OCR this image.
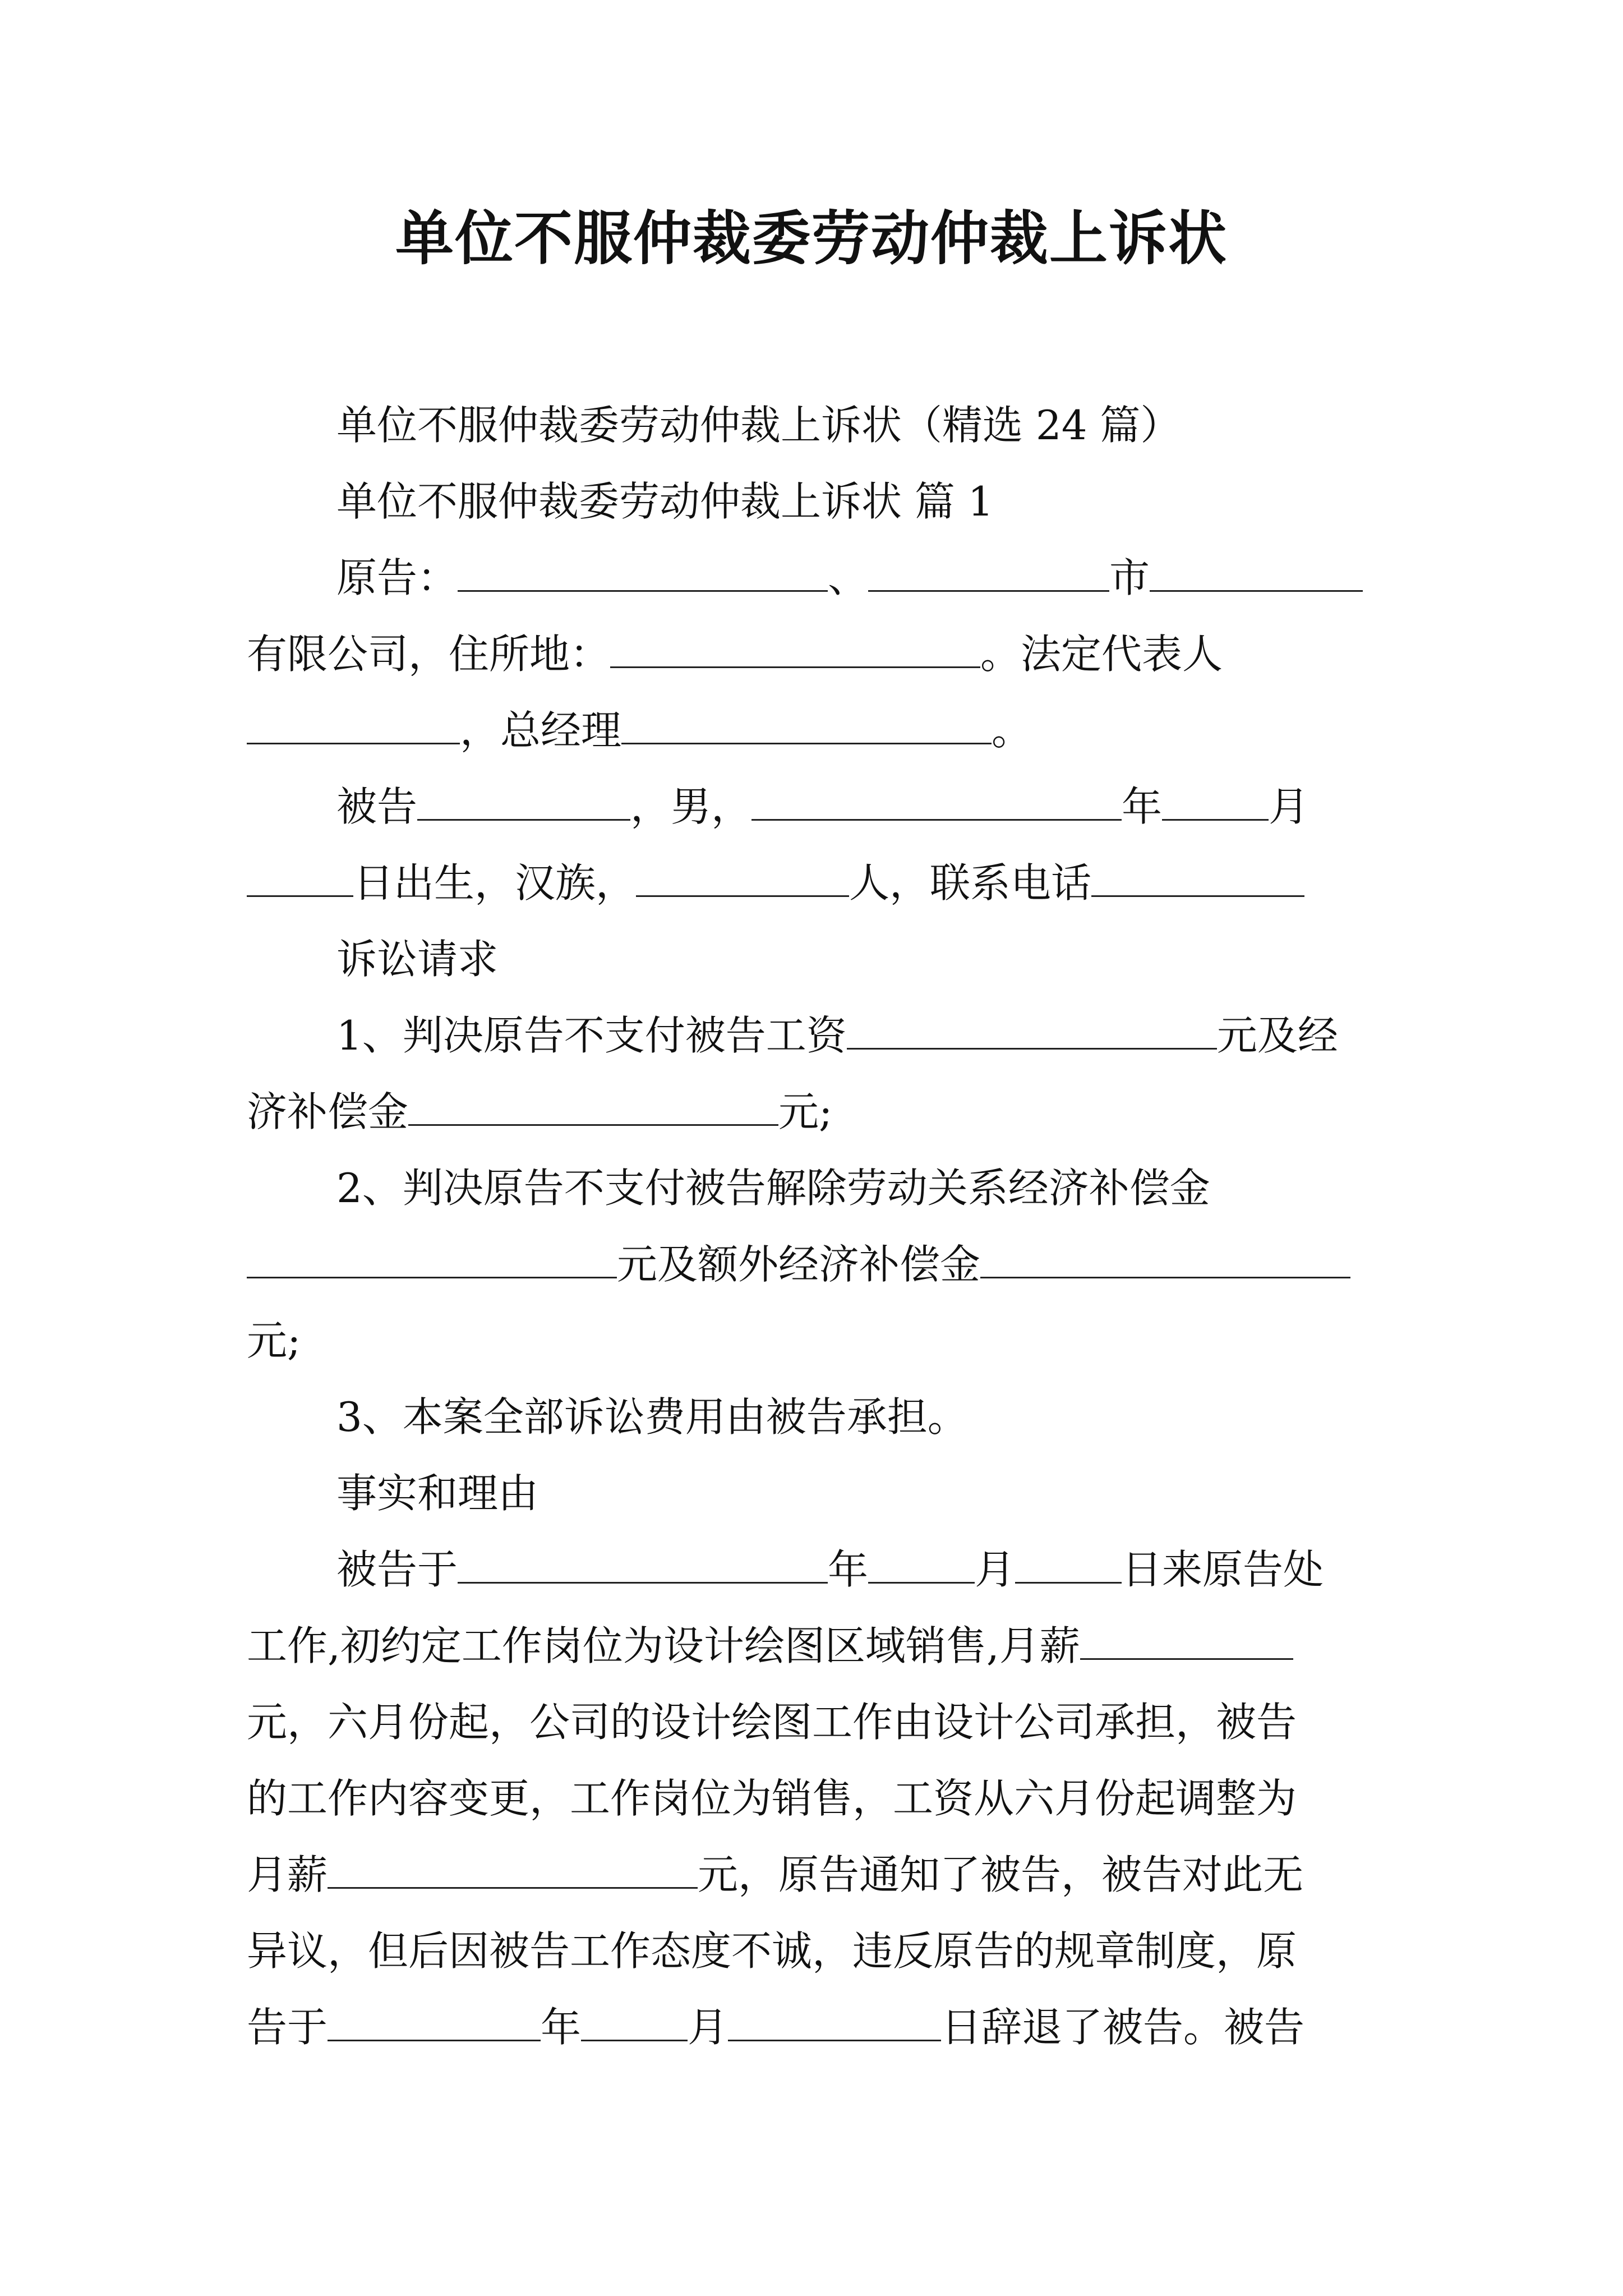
单位不服仲裁委劳动仲裁上诉状
单位不服仲裁委劳动仲裁上诉状（精选 24 篇）
单位不服仲裁委劳动仲裁上诉状 篇 1
原告：	、	市
有限公司，住所地：	。法定代表人
，总经理	。
被告	，男，	年	月
日出生，汉族，	人，联系电话
诉讼请求
1、判决原告不支付被告工资	元及经
济补偿金	元;
2、判决原告不支付被告解除劳动关系经济补偿金
元及额外经济补偿金
元;
3、本案全部诉讼费用由被告承担。
事实和理由
被告于	年	月	日来原告处
工作,初约定工作岗位为设计绘图区域销售,月薪
元，六月份起，公司的设计绘图工作由设计公司承担，被告
的工作内容变更，工作岗位为销售，工资从六月份起调整为
月薪	元，原告通知了被告，被告对此无
异议，但后因被告工作态度不诚，违反原告的规章制度，原
告于	年	月	日辞退了被告。被告
